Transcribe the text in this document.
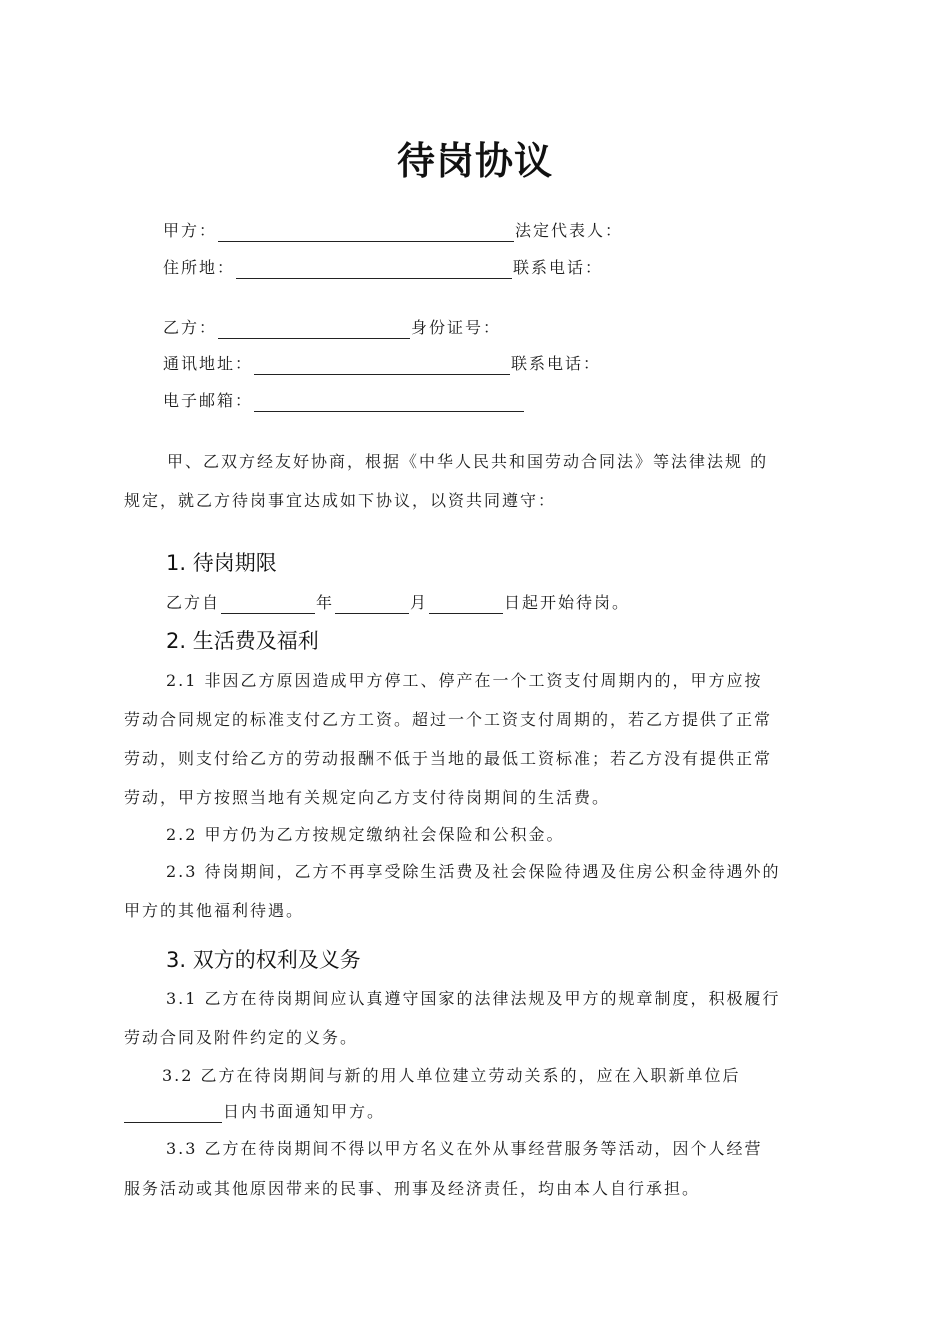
待岗协议
甲方：	法定代表人：
住所地：	联系电话：
乙方：	身份证号：
通讯地址：	联系电话：
电子邮箱：
甲、乙双方经友好协商，根据《中华人民共和国劳动合同法》等法律法规 的
规定，就乙方待岗事宜达成如下协议，以资共同遵守：
1. 待岗期限
乙方自	年	月	日起开始待岗。
2. 生活费及福利
2.1 非因乙方原因造成甲方停工、停产在一个工资支付周期内的，甲方应按
劳动合同规定的标准支付乙方工资。超过一个工资支付周期的，若乙方提供了正常
劳动，则支付给乙方的劳动报酬不低于当地的最低工资标准；若乙方没有提供正常
劳动，甲方按照当地有关规定向乙方支付待岗期间的生活费。
2.2 甲方仍为乙方按规定缴纳社会保险和公积金。
2.3 待岗期间，乙方不再享受除生活费及社会保险待遇及住房公积金待遇外的
甲方的其他福利待遇。
3. 双方的权利及义务
3.1 乙方在待岗期间应认真遵守国家的法律法规及甲方的规章制度，积极履行
劳动合同及附件约定的义务。
3.2 乙方在待岗期间与新的用人单位建立劳动关系的，应在入职新单位后
日内书面通知甲方。
3.3 乙方在待岗期间不得以甲方名义在外从事经营服务等活动，因个人经营
服务活动或其他原因带来的民事、刑事及经济责任，均由本人自行承担。
